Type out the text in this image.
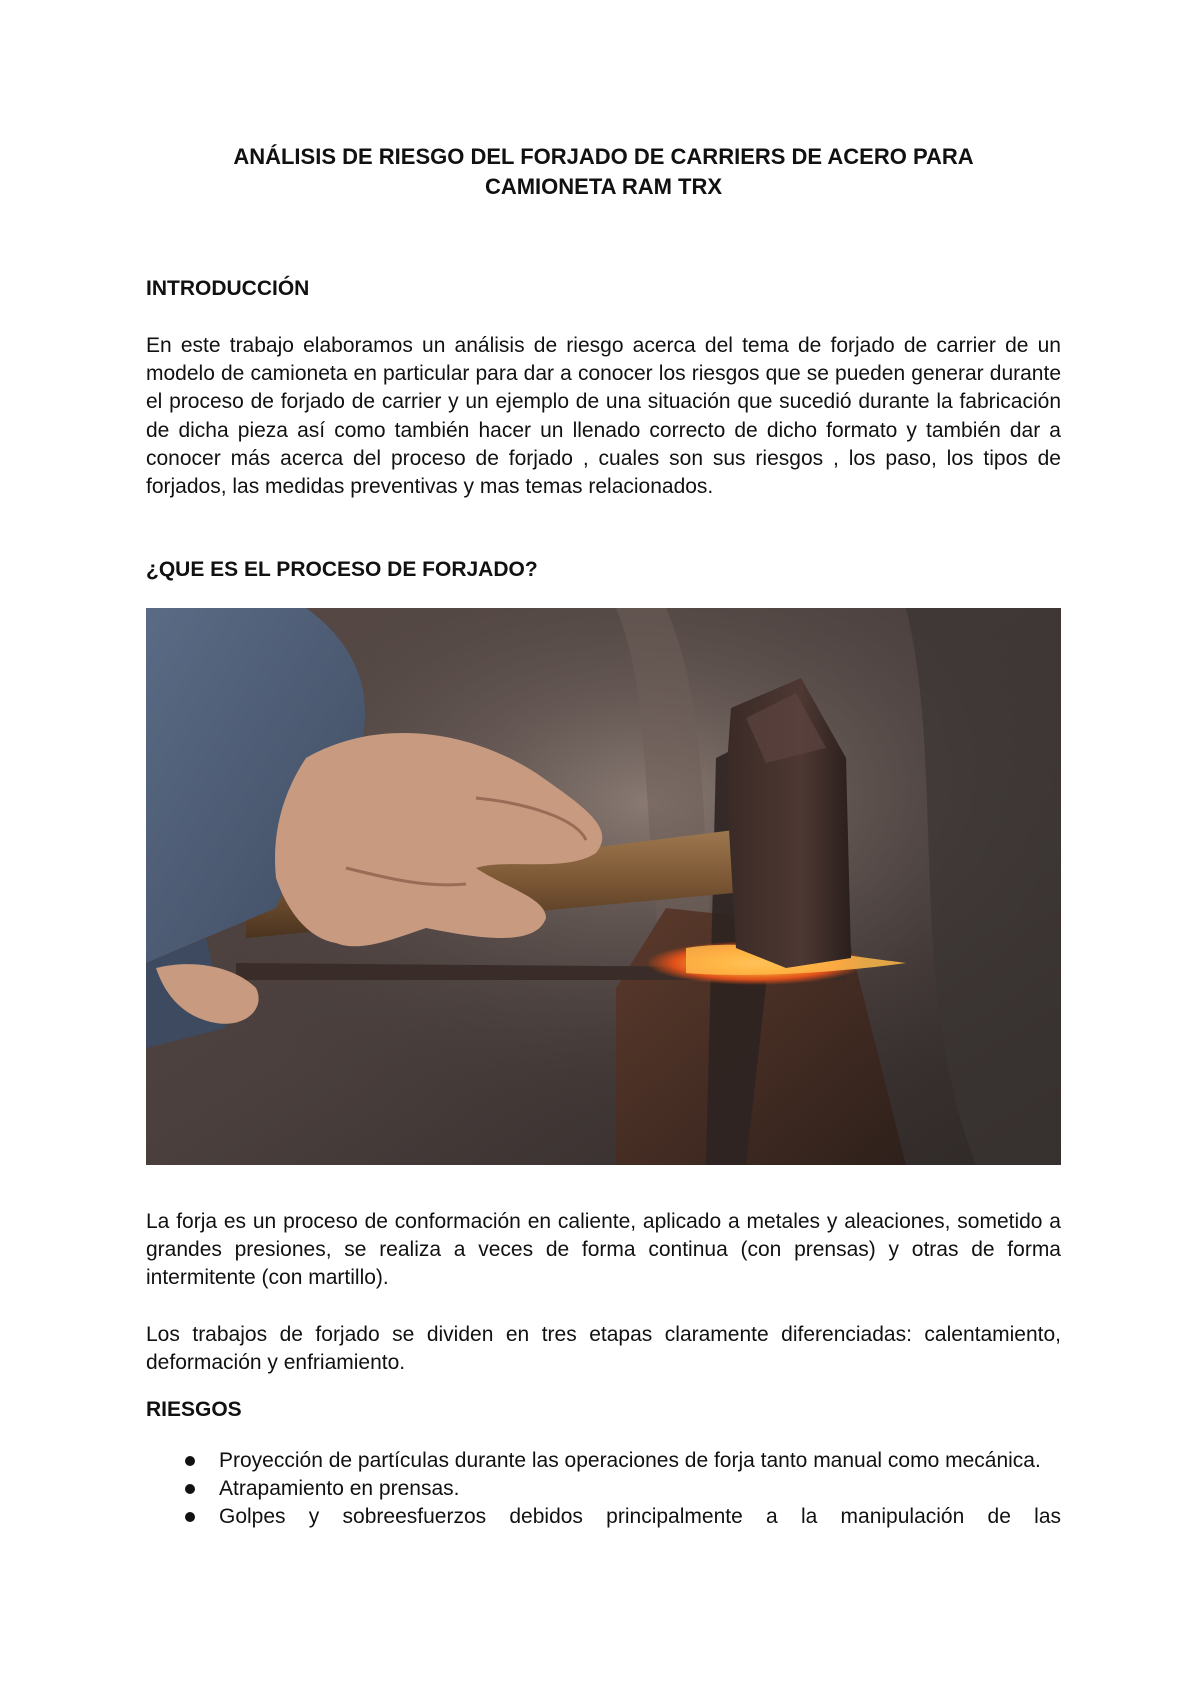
ANÁLISIS DE RIESGO DEL FORJADO DE CARRIERS DE ACERO PARA
CAMIONETA RAM TRX
INTRODUCCIÓN

En este trabajo elaboramos un análisis de riesgo acerca del tema de forjado de carrier de un modelo de camioneta en particular para dar a conocer los riesgos que se pueden generar durante el proceso de forjado de carrier y un ejemplo de una situación que sucedió durante la fabricación de dicha pieza así como también hacer un llenado correcto de dicho formato y también dar a conocer más acerca del proceso de forjado , cuales son sus riesgos , los paso, los tipos de forjados, las medidas preventivas y mas temas relacionados.

¿QUE ES EL PROCESO DE FORJADO?

La forja es un proceso de conformación en caliente, aplicado a metales y aleaciones, sometido a grandes presiones, se realiza a veces de forma continua (con prensas) y otras de forma intermitente (con martillo).

Los trabajos de forjado se dividen en tres etapas claramente diferenciadas: calentamiento, deformación y enfriamiento.

RIESGOS
Proyección de partículas durante las operaciones de forja tanto manual como mecánica.
Atrapamiento en prensas.
Golpes y sobreesfuerzos debidos principalmente a la manipulación de las
